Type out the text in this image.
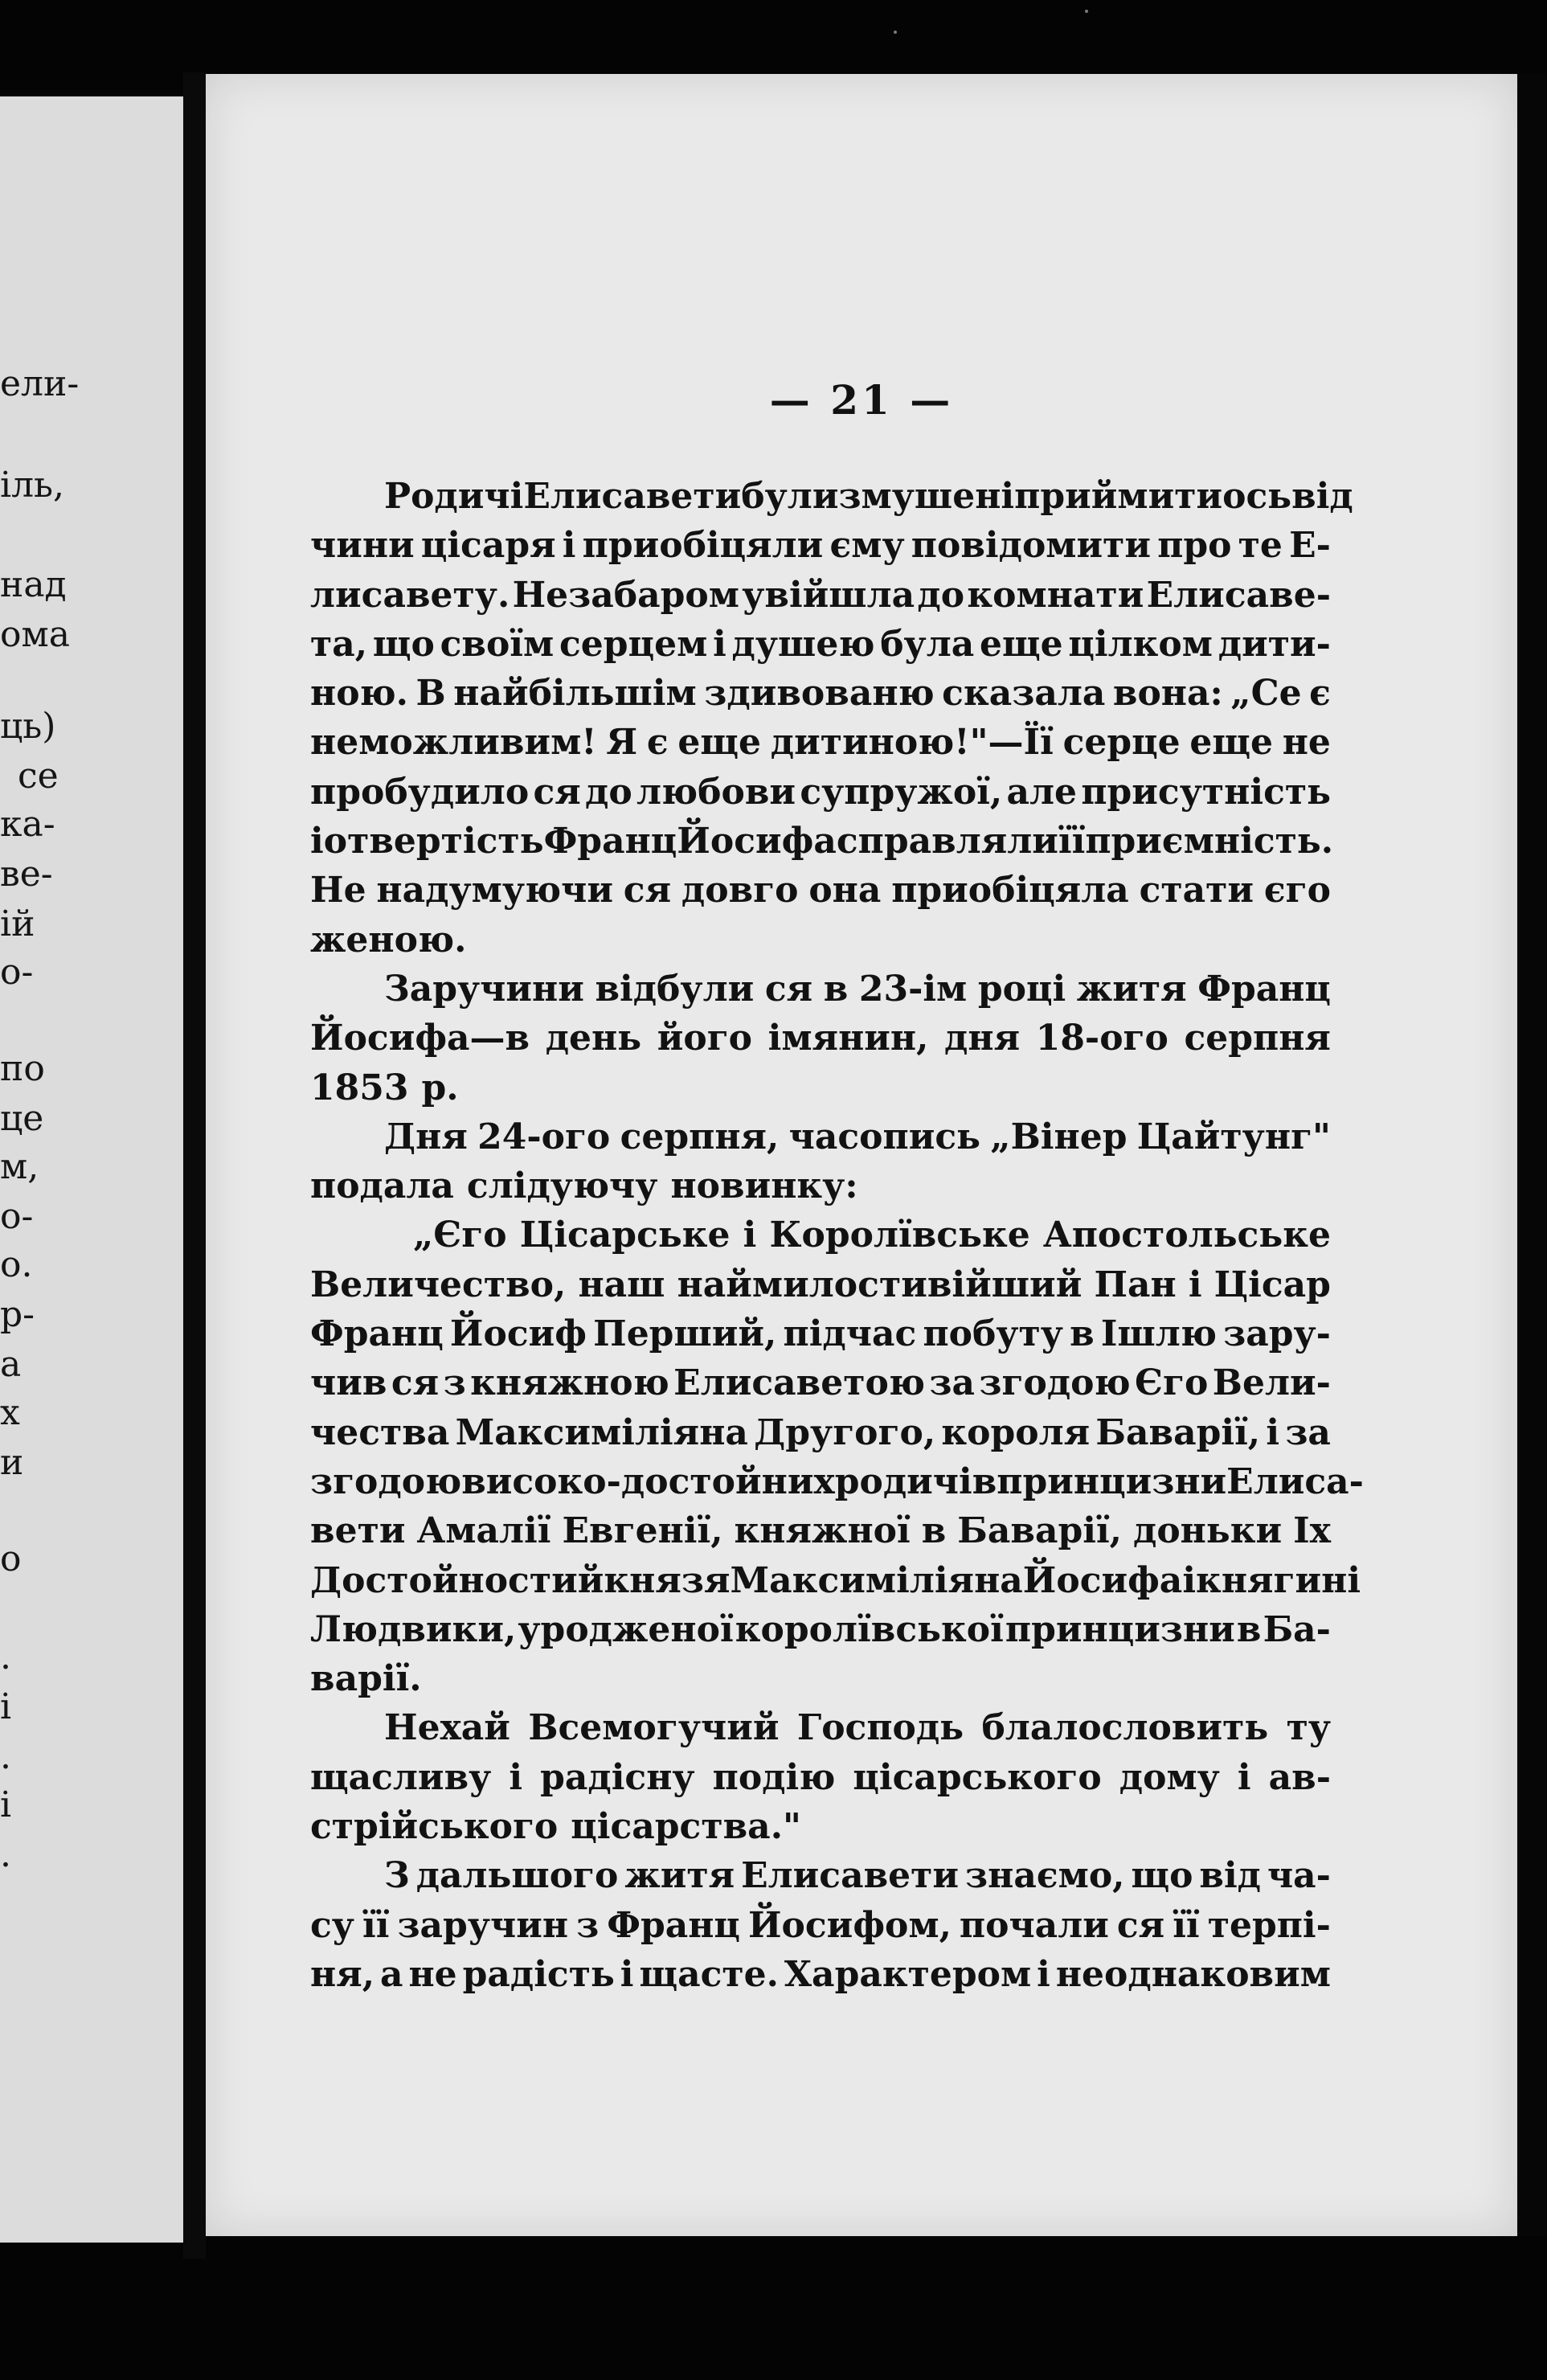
ели-
іль,
над
ома
ць)
се
ка-
ве-
ій
о-
по
це
м,
о-
о.
р-
а
х
и
о
.
і
.
і
.
— 21 —
Родичі Елисавети були змушені приймити осьвід
чини цісаря і приобіцяли єму повідомити про те Е-
лисавету. Незабаром увійшла до комнати Елисаве-
та, що своїм серцем і душею була еще цілком дити-
ною. В найбільшім здивованю сказала вона: „Се є
неможливим! Я є еще дитиною!"—Її серце еще не
пробудило ся до любови супружої, але присутність
і отвертість Франц Йосифа справляли її приємність.
Не надумуючи ся довго она приобіцяла стати єго
женою.
Заручини відбули ся в 23-ім році житя Франц
Йосифа—в день його імянин, дня 18-ого серпня
1853 р.
Дня 24-ого серпня, часопись „Вінер Цайтунг"
подала слідуючу новинку:
„Єго Цісарське і Королївське Апостольське
Величество, наш наймилостивійший Пан і Цісар
Франц Йосиф Перший, підчас побуту в Ішлю зару-
чив ся з княжною Елисаветою за згодою Єго Вели-
чества Максиміліяна Другого, короля Баварії, і за
згодою високо-достойних родичів принцизни Елиса-
вети Амалії Евгенії, княжної в Баварії, доньки Іх
Достойностий князя Максиміліяна Йосифа і княгині
Людвики, уродженої королївської принцизни в Ба-
варії.
Нехай Всемогучий Господь блалословить ту
щасливу і радісну подію цісарського дому і ав-
стрійського цісарства."
З дальшого житя Елисавети знаємо, що від ча-
су її заручин з Франц Йосифом, почали ся її терпі-
ня, а не радість і щасте. Характером і неоднаковим
